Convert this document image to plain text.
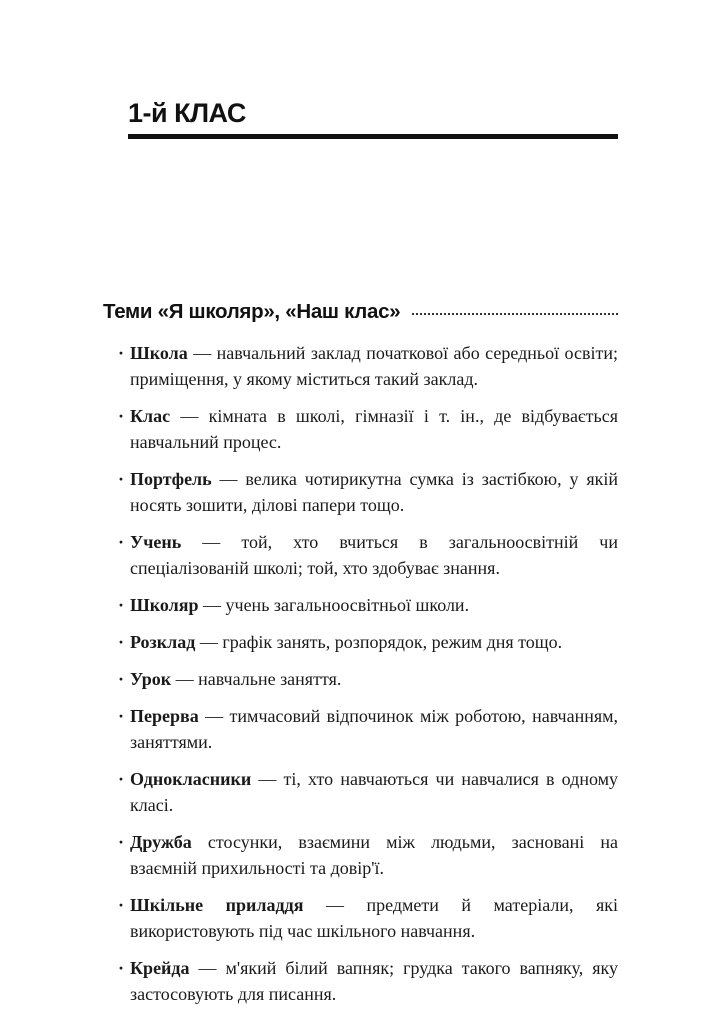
1-й КЛАС
Теми «Я школяр», «Наш клас»
· Школа — навчальний заклад початкової або середньої освіти; приміщення, у якому міститься такий заклад.
· Клас — кімната в школі, гімназії і т. ін., де відбувається навчальний процес.
· Портфель — велика чотирикутна сумка із застібкою, у якій носять зошити, ділові папери тощо.
· Учень — той, хто вчиться в загальноосвітній чи спеціалізованій школі; той, хто здобуває знання.
· Школяр — учень загальноосвітньої школи.
· Розклад — графік занять, розпорядок, режим дня тощо.
· Урок — навчальне заняття.
· Перерва — тимчасовий відпочинок між роботою, навчанням, заняттями.
· Однокласники — ті, хто навчаються чи навчалися в одному класі.
· Дружба стосунки, взаємини між людьми, засновані на взаємній прихильності та довір'ї.
· Шкільне приладдя — предмети й матеріали, які використовують під час шкільного навчання.
· Крейда — м'який білий вапняк; грудка такого вапняку, яку застосовують для писання.
